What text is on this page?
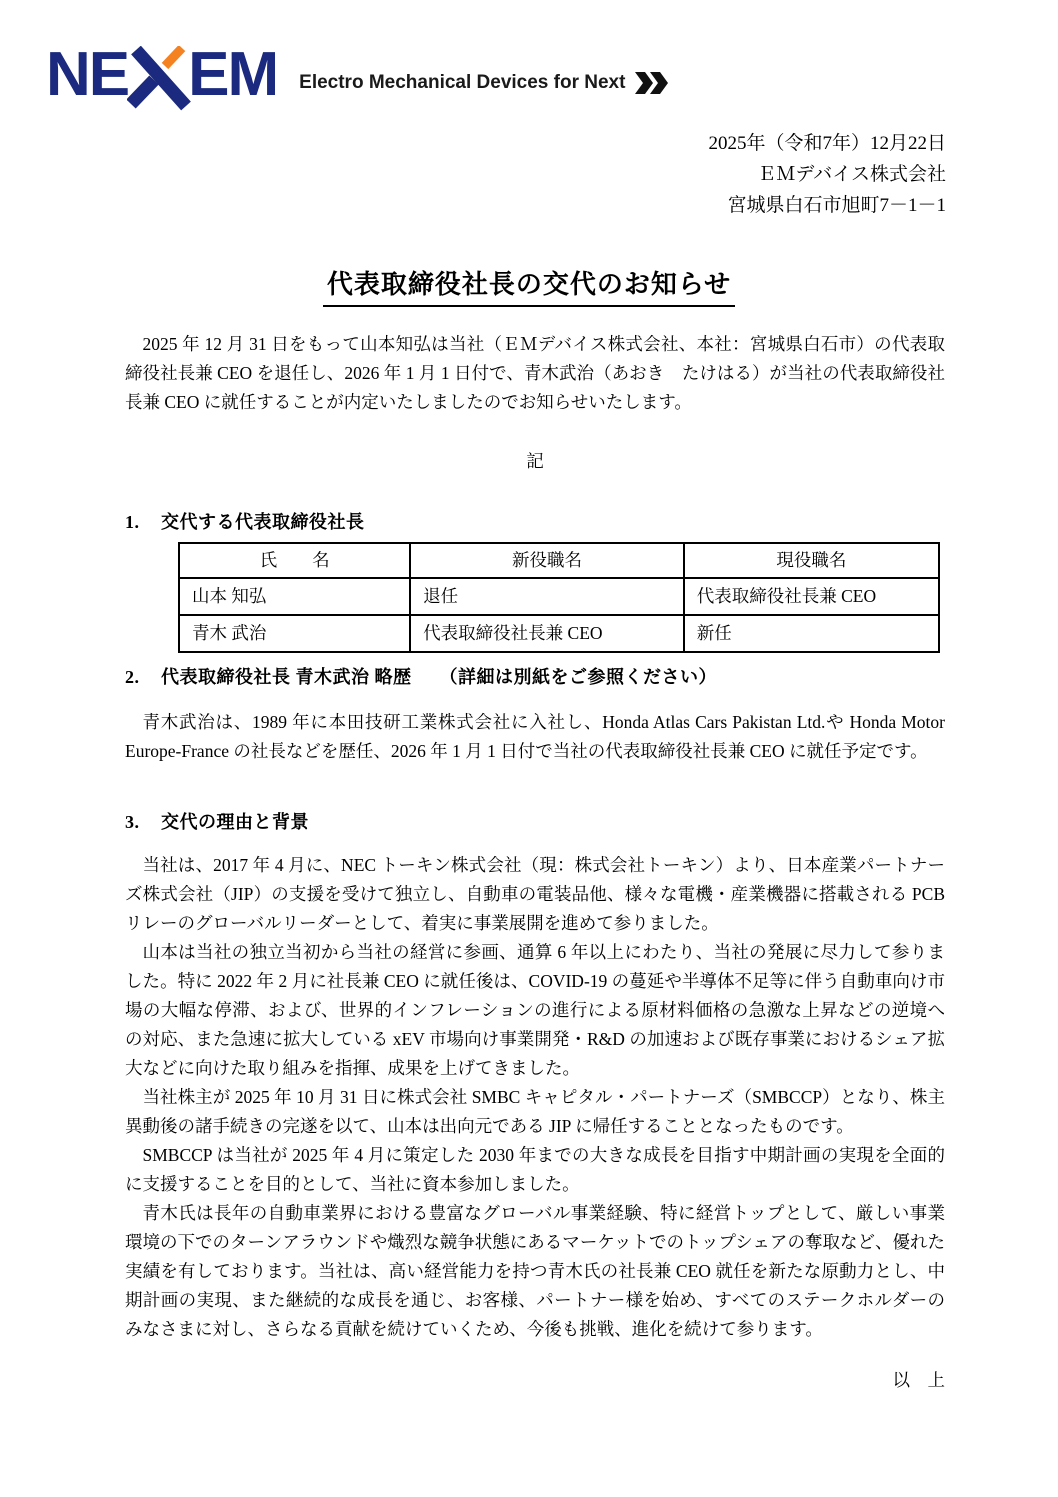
NE EM Electro Mechanical Devices for Next
2025年（令和7年）12月22日
ＥＭデバイス株式会社
宮城県白石市旭町7－1－1
代表取締役社長の交代のお知らせ

2025 年 12 月 31 日をもって山本知弘は当社（ＥＭデバイス株式会社、本社：宮城県白石市）の代表取締役社長兼 CEO を退任し、2026 年 1 月 1 日付で、青木武治（あおき　たけはる）が当社の代表取締役社長兼 CEO に就任することが内定いたしましたのでお知らせいたします。

記
1. 交代する代表取締役社長
氏　　名	新役職名	現役職名
山本 知弘	退任	代表取締役社長兼 CEO
青木 武治	代表取締役社長兼 CEO	新任
2. 代表取締役社長 青木武治 略歴　　（詳細は別紙をご参照ください）

青木武治は、1989 年に本田技研工業株式会社に入社し、Honda Atlas Cars Pakistan Ltd.や Honda Motor Europe-France の社長などを歴任、2026 年 1 月 1 日付で当社の代表取締役社長兼 CEO に就任予定です。

3. 交代の理由と背景

当社は、2017 年 4 月に、NEC トーキン株式会社（現：株式会社トーキン）より、日本産業パートナーズ株式会社（JIP）の支援を受けて独立し、自動車の電装品他、様々な電機・産業機器に搭載される PCB リレーのグローバルリーダーとして、着実に事業展開を進めて参りました。

山本は当社の独立当初から当社の経営に参画、通算 6 年以上にわたり、当社の発展に尽力して参りました。特に 2022 年 2 月に社長兼 CEO に就任後は、COVID-19 の蔓延や半導体不足等に伴う自動車向け市場の大幅な停滞、および、世界的インフレーションの進行による原材料価格の急激な上昇などの逆境への対応、また急速に拡大している xEV 市場向け事業開発・R&D の加速および既存事業におけるシェア拡大などに向けた取り組みを指揮、成果を上げてきました。

当社株主が 2025 年 10 月 31 日に株式会社 SMBC キャピタル・パートナーズ（SMBCCP）となり、株主異動後の諸手続きの完遂を以て、山本は出向元である JIP に帰任することとなったものです。

SMBCCP は当社が 2025 年 4 月に策定した 2030 年までの大きな成長を目指す中期計画の実現を全面的に支援することを目的として、当社に資本参加しました。

青木氏は長年の自動車業界における豊富なグローバル事業経験、特に経営トップとして、厳しい事業環境の下でのターンアラウンドや熾烈な競争状態にあるマーケットでのトップシェアの奪取など、優れた実績を有しております。当社は、高い経営能力を持つ青木氏の社長兼 CEO 就任を新たな原動力とし、中期計画の実現、また継続的な成長を通じ、お客様、パートナー様を始め、すべてのステークホルダーのみなさまに対し、さらなる貢献を続けていくため、今後も挑戦、進化を続けて参ります。

以　上
